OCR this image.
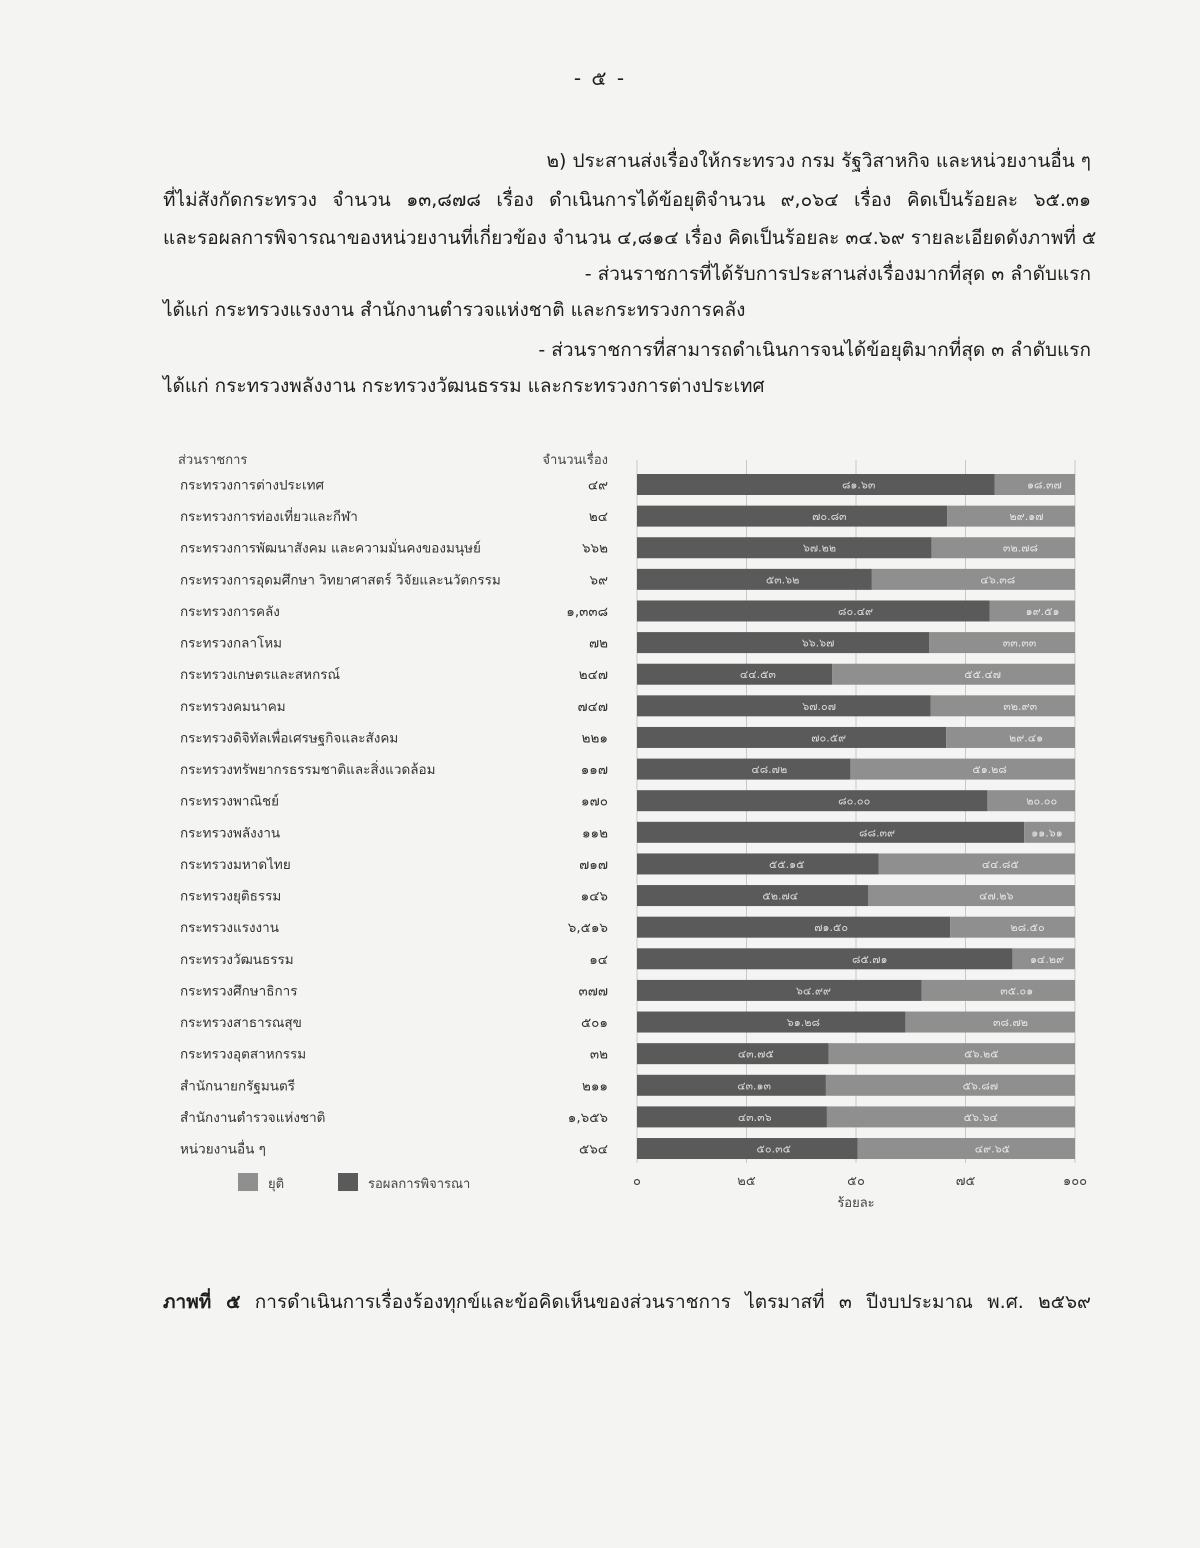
- ๕ -
๒) ประสานส่งเรื่องให้กระทรวง กรม รัฐวิสาหกิจ และหน่วยงานอื่น ๆ
ที่ไม่สังกัดกระทรวง จำนวน ๑๓,๘๗๘ เรื่อง ดำเนินการได้ข้อยุติจำนวน ๙,๐๖๔ เรื่อง คิดเป็นร้อยละ ๖๕.๓๑
และรอผลการพิจารณาของหน่วยงานที่เกี่ยวข้อง จำนวน ๔,๘๑๔ เรื่อง คิดเป็นร้อยละ ๓๔.๖๙ รายละเอียดดังภาพที่ ๕
- ส่วนราชการที่ได้รับการประสานส่งเรื่องมากที่สุด ๓ ลำดับแรก
ได้แก่ กระทรวงแรงงาน สำนักงานตำรวจแห่งชาติ และกระทรวงการคลัง
- ส่วนราชการที่สามารถดำเนินการจนได้ข้อยุติมากที่สุด ๓ ลำดับแรก
ได้แก่ กระทรวงพลังงาน กระทรวงวัฒนธรรม และกระทรวงการต่างประเทศ
กระทรวงการต่างประเทศ	๔๙	๘๑.๖๓	๑๘.๓๗
กระทรวงการท่องเที่ยวและกีฬา	๒๔	๗๐.๘๓	๒๙.๑๗
กระทรวงการพัฒนาสังคม และความมั่นคงของมนุษย์	๖๖๒	๖๗.๒๒	๓๒.๗๘
กระทรวงการอุดมศึกษา วิทยาศาสตร์ วิจัยและนวัตกรรม	๖๙	๕๓.๖๒	๔๖.๓๘
กระทรวงการคลัง	๑,๓๓๘	๘๐.๔๙	๑๙.๕๑
กระทรวงกลาโหม	๗๒	๖๖.๖๗	๓๓.๓๓
กระทรวงเกษตรและสหกรณ์	๒๔๗	๔๔.๕๓	๕๕.๔๗
กระทรวงคมนาคม	๗๔๗	๖๗.๐๗	๓๒.๙๓
กระทรวงดิจิทัลเพื่อเศรษฐกิจและสังคม	๒๒๑	๗๐.๕๙	๒๙.๔๑
กระทรวงทรัพยากรธรรมชาติและสิ่งแวดล้อม	๑๑๗	๔๘.๗๒	๕๑.๒๘
กระทรวงพาณิชย์	๑๗๐	๘๐.๐๐	๒๐.๐๐
กระทรวงพลังงาน	๑๑๒	๘๘.๓๙	๑๑.๖๑
กระทรวงมหาดไทย	๗๑๗	๕๕.๑๕	๔๔.๘๕
กระทรวงยุติธรรม	๑๔๖	๕๒.๗๔	๔๗.๒๖
กระทรวงแรงงาน	๖,๕๑๖	๗๑.๕๐	๒๘.๕๐
กระทรวงวัฒนธรรม	๑๔	๘๕.๗๑	๑๔.๒๙
กระทรวงศึกษาธิการ	๓๗๗	๖๔.๙๙	๓๕.๐๑
กระทรวงสาธารณสุข	๕๐๑	๖๑.๒๘	๓๘.๗๒
กระทรวงอุตสาหกรรม	๓๒	๔๓.๗๕	๕๖.๒๕
สำนักนายกรัฐมนตรี	๒๑๑	๔๓.๑๓	๕๖.๘๗
สำนักงานตำรวจแห่งชาติ	๑,๖๕๖	๔๓.๓๖	๕๖.๖๔
หน่วยงานอื่น ๆ	๕๖๔	๕๐.๓๕	๔๙.๖๕
ส่วนราชการ	จำนวนเรื่อง
๐	๒๕	๕๐	๗๕	๑๐๐
ร้อยละ
ยุติ	รอผลการพิจารณา
ภาพที่ ๕ การดำเนินการเรื่องร้องทุกข์และข้อคิดเห็นของส่วนราชการ ไตรมาสที่ ๓ ปีงบประมาณ พ.ศ. ๒๕๖๙
